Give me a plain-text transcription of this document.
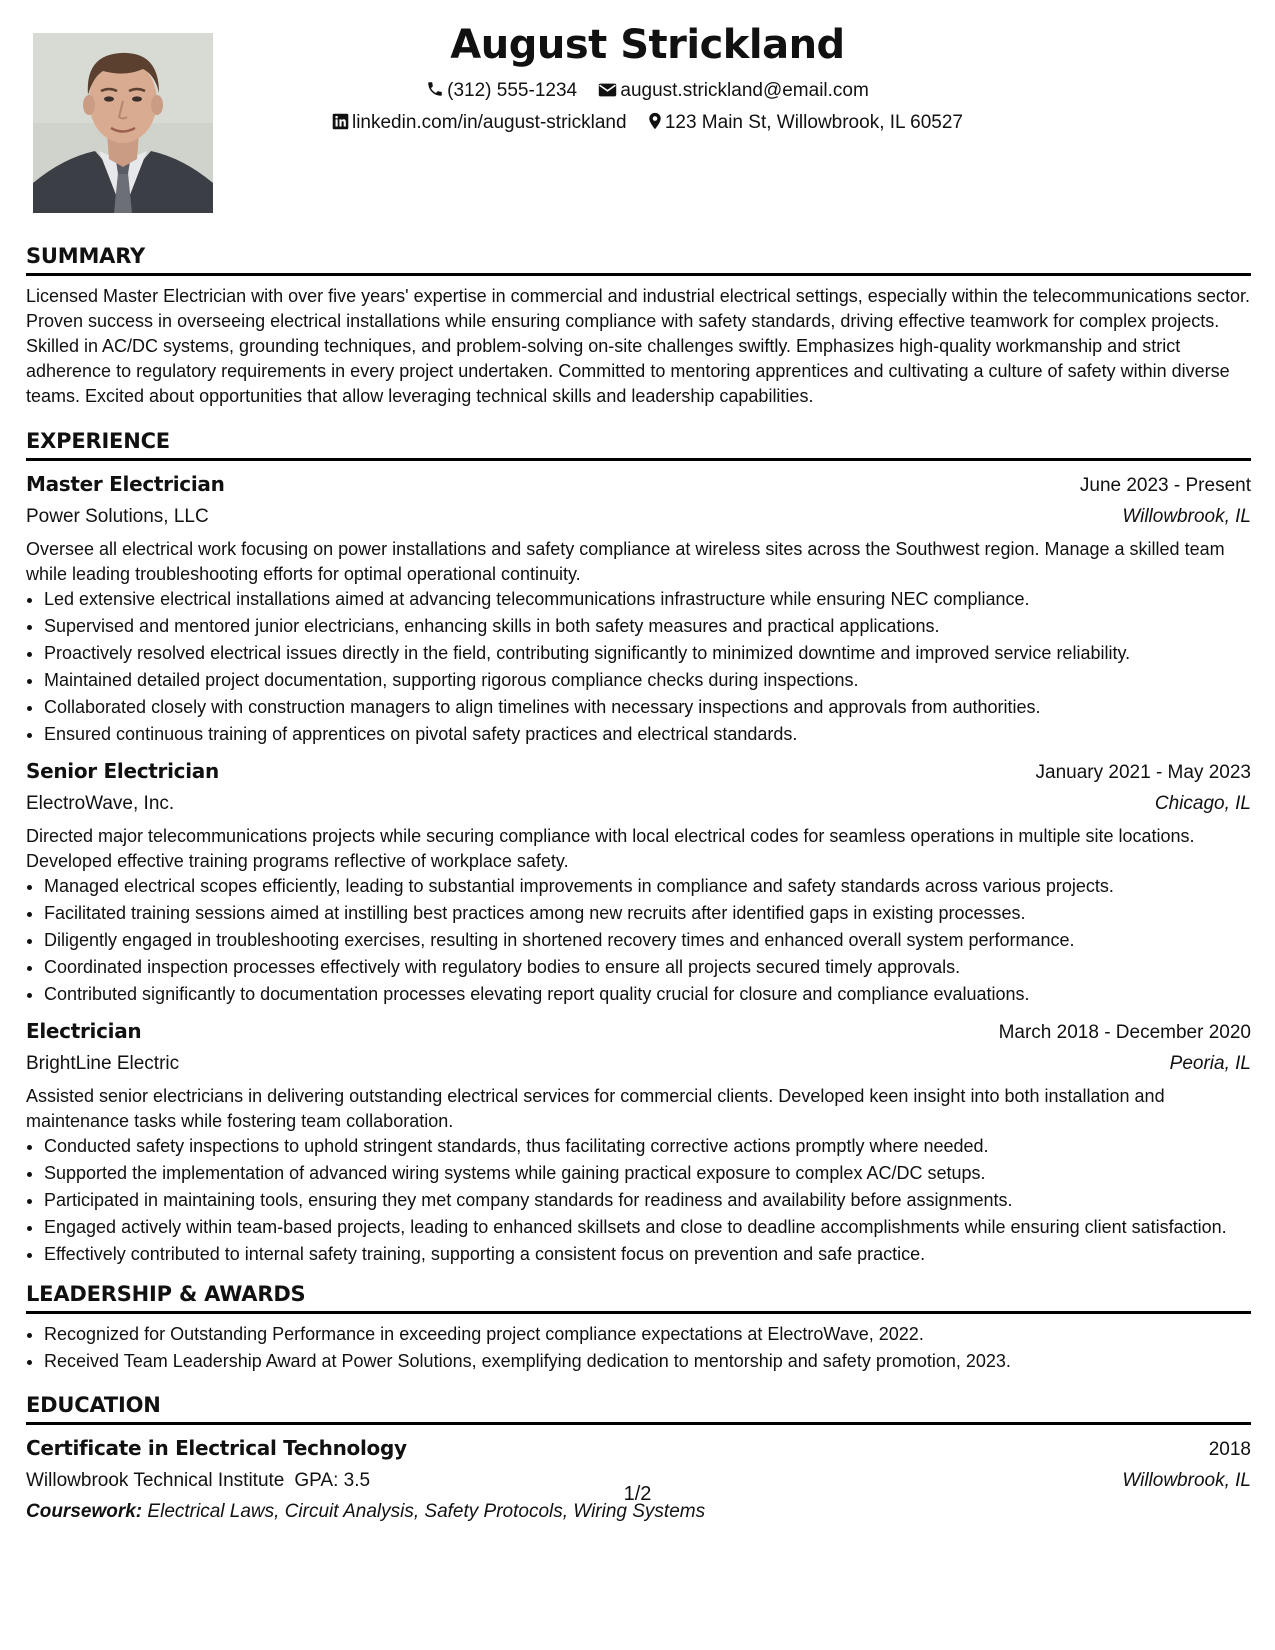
August Strickland
(312) 555-1234 august.strickland@email.com
linkedin.com/in/august-strickland 123 Main St, Willowbrook, IL 60527
SUMMARY

Licensed Master Electrician with over five years' expertise in commercial and industrial electrical settings, especially within the telecommunications sector. Proven success in overseeing electrical installations while ensuring compliance with safety standards, driving effective teamwork for complex projects. Skilled in AC/DC systems, grounding techniques, and problem-solving on-site challenges swiftly. Emphasizes high-quality workmanship and strict adherence to regulatory requirements in every project undertaken. Committed to mentoring apprentices and cultivating a culture of safety within diverse teams. Excited about opportunities that allow leveraging technical skills and leadership capabilities.

EXPERIENCE
Master Electrician	June 2023 - Present
Power Solutions, LLC	Willowbrook, IL

Oversee all electrical work focusing on power installations and safety compliance at wireless sites across the Southwest region. Manage a skilled team while leading troubleshooting efforts for optimal operational continuity.

• Led extensive electrical installations aimed at advancing telecommunications infrastructure while ensuring NEC compliance.
• Supervised and mentored junior electricians, enhancing skills in both safety measures and practical applications.
• Proactively resolved electrical issues directly in the field, contributing significantly to minimized downtime and improved service reliability.
• Maintained detailed project documentation, supporting rigorous compliance checks during inspections.
• Collaborated closely with construction managers to align timelines with necessary inspections and approvals from authorities.
• Ensured continuous training of apprentices on pivotal safety practices and electrical standards.
Senior Electrician	January 2021 - May 2023
ElectroWave, Inc.	Chicago, IL

Directed major telecommunications projects while securing compliance with local electrical codes for seamless operations in multiple site locations. Developed effective training programs reflective of workplace safety.

• Managed electrical scopes efficiently, leading to substantial improvements in compliance and safety standards across various projects.
• Facilitated training sessions aimed at instilling best practices among new recruits after identified gaps in existing processes.
• Diligently engaged in troubleshooting exercises, resulting in shortened recovery times and enhanced overall system performance.
• Coordinated inspection processes effectively with regulatory bodies to ensure all projects secured timely approvals.
• Contributed significantly to documentation processes elevating report quality crucial for closure and compliance evaluations.
Electrician	March 2018 - December 2020
BrightLine Electric	Peoria, IL

Assisted senior electricians in delivering outstanding electrical services for commercial clients. Developed keen insight into both installation and maintenance tasks while fostering team collaboration.

• Conducted safety inspections to uphold stringent standards, thus facilitating corrective actions promptly where needed.
• Supported the implementation of advanced wiring systems while gaining practical exposure to complex AC/DC setups.
• Participated in maintaining tools, ensuring they met company standards for readiness and availability before assignments.
• Engaged actively within team-based projects, leading to enhanced skillsets and close to deadline accomplishments while ensuring client satisfaction.
• Effectively contributed to internal safety training, supporting a consistent focus on prevention and safe practice.
LEADERSHIP & AWARDS
• Recognized for Outstanding Performance in exceeding project compliance expectations at ElectroWave, 2022.
• Received Team Leadership Award at Power Solutions, exemplifying dedication to mentorship and safety promotion, 2023.
EDUCATION
Certificate in Electrical Technology	2018
Willowbrook Technical Institute GPA: 3.5	Willowbrook, IL
Coursework: Electrical Laws, Circuit Analysis, Safety Protocols, Wiring Systems
1/2
